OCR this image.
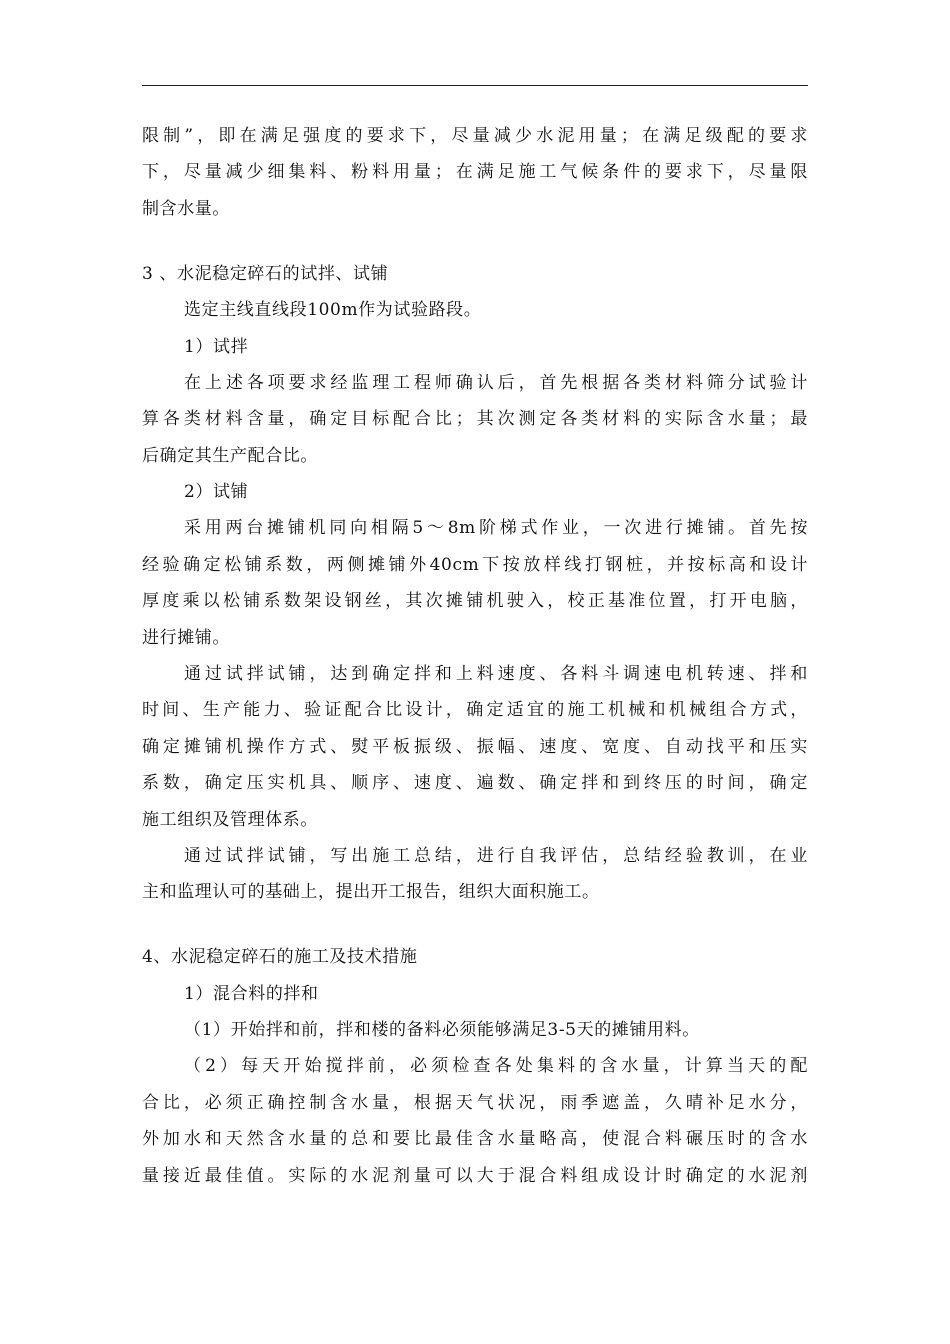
限制”，即在满足强度的要求下，尽量减少水泥用量；在满足级配的要求
下，尽量减少细集料、粉料用量；在满足施工气候条件的要求下，尽量限
制含水量。
3 、水泥稳定碎石的试拌、试铺
选定主线直线段100m作为试验路段。
1）试拌
在上述各项要求经监理工程师确认后，首先根据各类材料筛分试验计
算各类材料含量，确定目标配合比；其次测定各类材料的实际含水量；最
后确定其生产配合比。
2）试铺
采用两台摊铺机同向相隔5～8m阶梯式作业，一次进行摊铺。首先按
经验确定松铺系数，两侧摊铺外40cm下按放样线打钢桩，并按标高和设计
厚度乘以松铺系数架设钢丝，其次摊铺机驶入，校正基准位置，打开电脑，
进行摊铺。
通过试拌试铺，达到确定拌和上料速度、各料斗调速电机转速、拌和
时间、生产能力、验证配合比设计，确定适宜的施工机械和机械组合方式，
确定摊铺机操作方式、熨平板振级、振幅、速度、宽度、自动找平和压实
系数，确定压实机具、顺序、速度、遍数、确定拌和到终压的时间，确定
施工组织及管理体系。
通过试拌试铺，写出施工总结，进行自我评估，总结经验教训，在业
主和监理认可的基础上，提出开工报告，组织大面积施工。
4、水泥稳定碎石的施工及技术措施
1）混合料的拌和
（1）开始拌和前，拌和楼的备料必须能够满足3-5天的摊铺用料。
（2）每天开始搅拌前，必须检查各处集料的含水量，计算当天的配
合比，必须正确控制含水量，根据天气状况，雨季遮盖，久晴补足水分，
外加水和天然含水量的总和要比最佳含水量略高，使混合料碾压时的含水
量接近最佳值。实际的水泥剂量可以大于混合料组成设计时确定的水泥剂
